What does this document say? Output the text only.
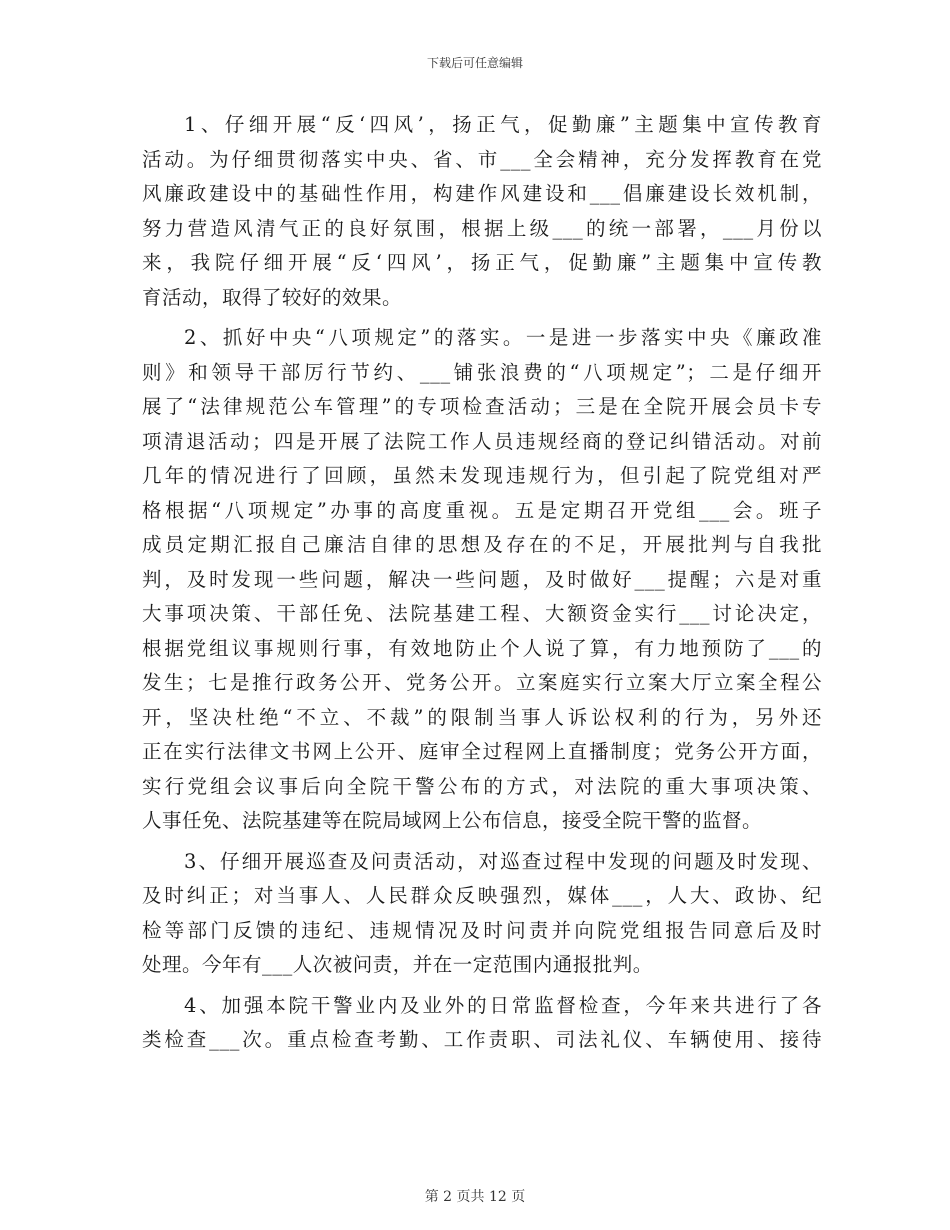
下载后可任意编辑
1、仔细开展“反‘四风’，扬正气，促勤廉”主题集中宣传教育
活动。为仔细贯彻落实中央、省、市___全会精神，充分发挥教育在党
风廉政建设中的基础性作用，构建作风建设和___倡廉建设长效机制，
努力营造风清气正的良好氛围，根据上级___的统一部署，___月份以
来，我院仔细开展“反‘四风’，扬正气，促勤廉”主题集中宣传教
育活动，取得了较好的效果。
2、抓好中央“八项规定”的落实。一是进一步落实中央《廉政准
则》和领导干部厉行节约、___铺张浪费的“八项规定”；二是仔细开
展了“法律规范公车管理”的专项检查活动；三是在全院开展会员卡专
项清退活动；四是开展了法院工作人员违规经商的登记纠错活动。对前
几年的情况进行了回顾，虽然未发现违规行为，但引起了院党组对严
格根据“八项规定”办事的高度重视。五是定期召开党组___会。班子
成员定期汇报自己廉洁自律的思想及存在的不足，开展批判与自我批
判，及时发现一些问题，解决一些问题，及时做好___提醒；六是对重
大事项决策、干部任免、法院基建工程、大额资金实行___讨论决定，
根据党组议事规则行事，有效地防止个人说了算，有力地预防了___的
发生；七是推行政务公开、党务公开。立案庭实行立案大厅立案全程公
开，坚决杜绝“不立、不裁”的限制当事人诉讼权利的行为，另外还
正在实行法律文书网上公开、庭审全过程网上直播制度；党务公开方面，
实行党组会议事后向全院干警公布的方式，对法院的重大事项决策、
人事任免、法院基建等在院局域网上公布信息，接受全院干警的监督。
3、仔细开展巡查及问责活动，对巡查过程中发现的问题及时发现、
及时纠正；对当事人、人民群众反映强烈，媒体___，人大、政协、纪
检等部门反馈的违纪、违规情况及时问责并向院党组报告同意后及时
处理。今年有___人次被问责，并在一定范围内通报批判。
4、加强本院干警业内及业外的日常监督检查，今年来共进行了各
类检查___次。重点检查考勤、工作责职、司法礼仪、车辆使用、接待
第 2 页共 12 页
